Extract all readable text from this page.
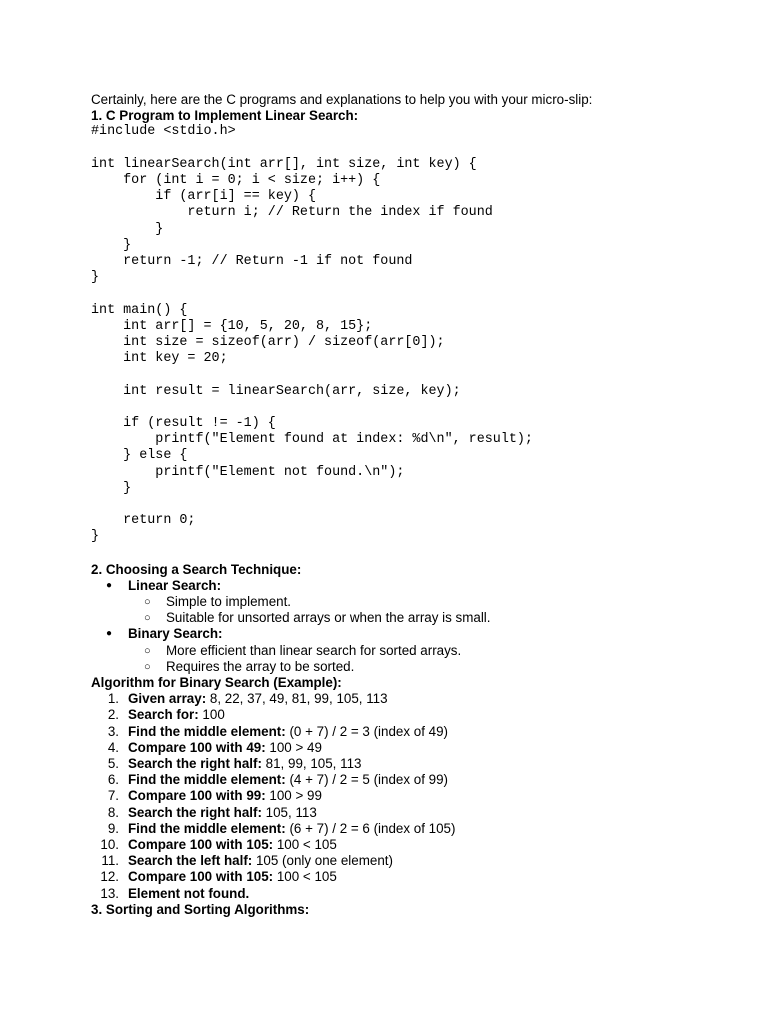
Certainly, here are the C programs and explanations to help you with your micro-slip:
1. C Program to Implement Linear Search:
#include <stdio.h>

int linearSearch(int arr[], int size, int key) {
for (int i = 0; i < size; i++) {
if (arr[i] == key) {
return i; // Return the index if found
}
}
return -1; // Return -1 if not found
}

int main() {
int arr[] = {10, 5, 20, 8, 15};
int size = sizeof(arr) / sizeof(arr[0]);
int key = 20;

int result = linearSearch(arr, size, key);

if (result != -1) {
printf("Element found at index: %d\n", result);
} else {
printf("Element not found.\n");
}

return 0;
}
2. Choosing a Search Technique:
● Linear Search:
○ Simple to implement.
○ Suitable for unsorted arrays or when the array is small.
● Binary Search:
○ More efficient than linear search for sorted arrays.
○ Requires the array to be sorted.
Algorithm for Binary Search (Example):
1. Given array: 8, 22, 37, 49, 81, 99, 105, 113
2. Search for: 100
3. Find the middle element: (0 + 7) / 2 = 3 (index of 49)
4. Compare 100 with 49: 100 > 49
5. Search the right half: 81, 99, 105, 113
6. Find the middle element: (4 + 7) / 2 = 5 (index of 99)
7. Compare 100 with 99: 100 > 99
8. Search the right half: 105, 113
9. Find the middle element: (6 + 7) / 2 = 6 (index of 105)
10. Compare 100 with 105: 100 < 105
11. Search the left half: 105 (only one element)
12. Compare 100 with 105: 100 < 105
13. Element not found.
3. Sorting and Sorting Algorithms:
